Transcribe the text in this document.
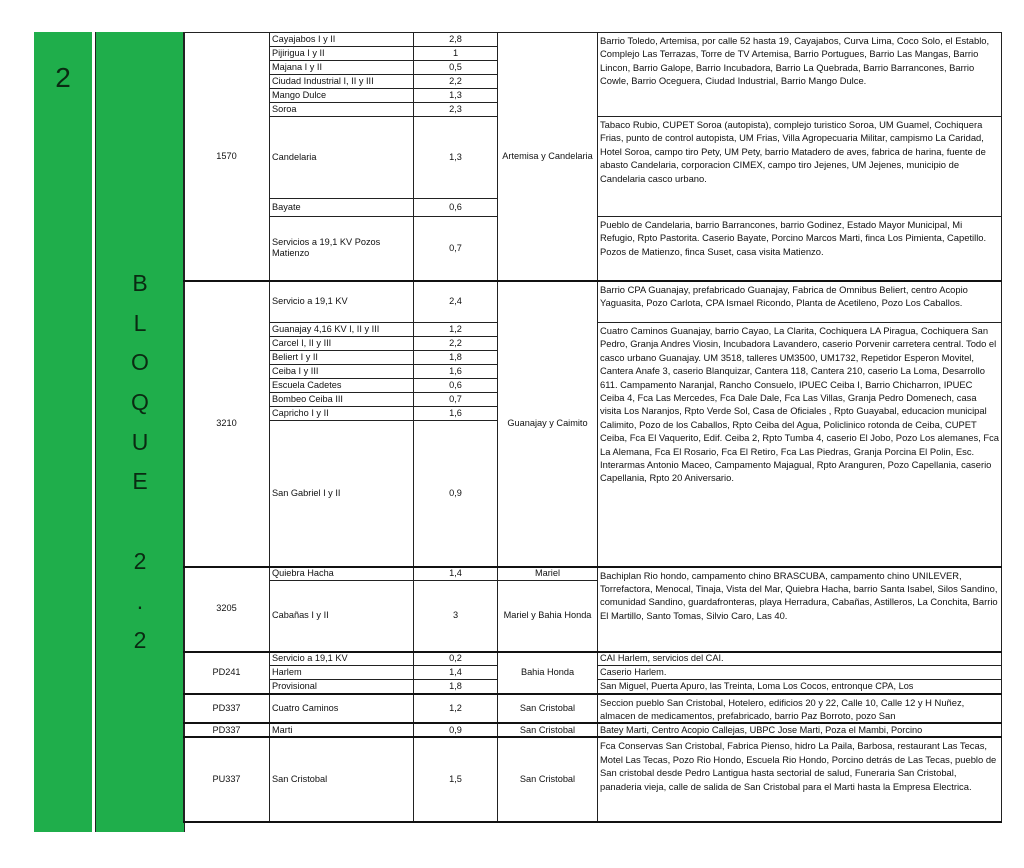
2
B
L
O
Q
U
E
2
.
2
1570	Cayajabos I y II	2,8	Artemisa y Candelaria	Barrio Toledo, Artemisa, por calle 52 hasta 19, Cayajabos, Curva Lima, Coco Solo, el Establo, Complejo Las Terrazas, Torre de TV Artemisa, Barrio Portugues, Barrio Las Mangas, Barrio Lincon, Barrio Galope, Barrio Incubadora, Barrio La Quebrada, Barrio Barrancones, Barrio Cowle, Barrio Oceguera, Ciudad Industrial, Barrio Mango Dulce.
	Pijirigua I y II	1		
	Majana I y II	0,5		
	Ciudad Industrial I, II y III	2,2		
	Mango Dulce	1,3		
	Soroa	2,3		
	Candelaria	1,3		Tabaco Rubio, CUPET Soroa (autopista), complejo turistico Soroa, UM Guamel, Cochiquera Frias, punto de control autopista, UM Frias, Villa Agropecuaria Militar, campismo La Caridad, Hotel Soroa, campo tiro Pety, UM Pety, barrio Matadero de aves, fabrica de harina, fuente de abasto Candelaria, corporacion CIMEX, campo tiro Jejenes, UM Jejenes, municipio de Candelaria casco urbano.
	Bayate	0,6		
	Servicios a 19,1 KV Pozos Matienzo	0,7		Pueblo de Candelaria, barrio Barrancones, barrio Godinez, Estado Mayor Municipal, Mi Refugio, Rpto Pastorita. Caserio Bayate, Porcino Marcos Marti, finca Los Pimienta, Capetillo. Pozos de Matienzo, finca Suset, casa visita Matienzo.
3210	Servicio a 19,1 KV	2,4	Guanajay y Caimito	Barrio CPA Guanajay, prefabricado Guanajay, Fabrica de Omnibus Beliert, centro Acopio Yaguasita, Pozo Carlota, CPA Ismael Ricondo, Planta de Acetileno, Pozo Los Caballos.
	Guanajay 4,16 KV I, II y III	1,2		Cuatro Caminos Guanajay, barrio Cayao, La Clarita, Cochiquera LA Piragua, Cochiquera San Pedro, Granja Andres Viosin, Incubadora Lavandero, caserio Porvenir carretera central. Todo el casco urbano Guanajay. UM 3518, talleres UM3500, UM1732, Repetidor Esperon Movitel, Cantera Anafe 3, caserio Blanquizar, Cantera 118, Cantera 210, caserio La Loma, Desarrollo 611. Campamento Naranjal, Rancho Consuelo, IPUEC Ceiba I, Barrio Chicharron, IPUEC Ceiba 4, Fca Las Mercedes, Fca Dale Dale, Fca Las Villas, Granja Pedro Domenech, casa visita Los Naranjos, Rpto Verde Sol, Casa de Oficiales , Rpto Guayabal, educacion municipal Calimito, Pozo de los Caballos, Rpto Ceiba del Agua, Policlinico rotonda de Ceiba, CUPET Ceiba, Fca El Vaquerito, Edif. Ceiba 2, Rpto Tumba 4, caserio El Jobo, Pozo Los alemanes, Fca La Alemana, Fca El Rosario, Fca El Retiro, Fca Las Piedras, Granja Porcina El Polin, Esc. Interarmas Antonio Maceo, Campamento Majagual, Rpto Aranguren, Pozo Capellania, caserio Capellania, Rpto 20 Aniversario.
	Carcel I, II y III	2,2		
	Beliert I y II	1,8		
	Ceiba I y III	1,6		
	Escuela Cadetes	0,6		
	Bombeo Ceiba III	0,7		
	Capricho I y II	1,6		
	San Gabriel I y II	0,9		
3205	Quiebra Hacha	1,4	Mariel	Bachiplan Rio hondo, campamento chino BRASCUBA, campamento chino UNILEVER, Torrefactora, Menocal, Tinaja, Vista del Mar, Quiebra Hacha, barrio Santa Isabel, Silos Sandino, comunidad Sandino, guardafronteras, playa Herradura, Cabañas, Astilleros, La Conchita, Barrio El Martillo, Santo Tomas, Silvio Caro, Las 40.
	Cabañas I y II	3	Mariel y Bahia Honda	
PD241	Servicio a 19,1 KV	0,2	Bahia Honda	CAI Harlem, servicios del CAI.
	Harlem	1,4		Caserio Harlem.
	Provisional	1,8		San Miguel, Puerta Apuro, las Treinta, Loma Los Cocos, entronque CPA, Los
PD337	Cuatro Caminos	1,2	San Cristobal	Seccion pueblo San Cristobal, Hotelero, edificios 20 y 22, Calle 10, Calle 12 y H Nuñez, almacen de medicamentos, prefabricado, barrio Paz Borroto, pozo San
PD337	Marti	0,9	San Cristobal	Batey Marti, Centro Acopio Callejas, UBPC Jose Marti, Poza el Mambi, Porcino
PU337	San Cristobal	1,5	San Cristobal	Fca Conservas San Cristobal, Fabrica Pienso, hidro La Paila, Barbosa, restaurant Las Tecas, Motel Las Tecas, Pozo Rio Hondo, Escuela Rio Hondo, Porcino detrás de Las Tecas, pueblo de San cristobal desde Pedro Lantigua hasta sectorial de salud, Funeraria San Cristobal, panaderia vieja, calle de salida de San Cristobal para el Marti hasta la Empresa Electrica.
